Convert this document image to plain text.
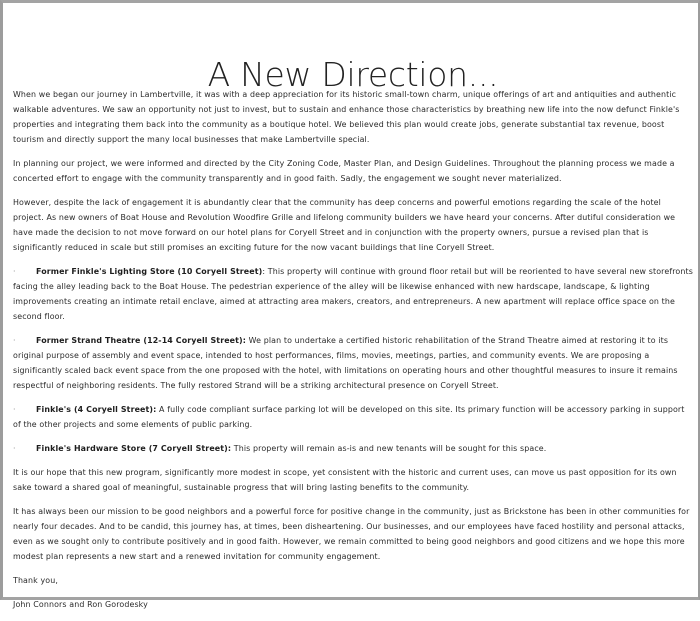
A New Direction...

When we began our journey in Lambertville, it was with a deep appreciation for its historic small-town charm, unique offerings of art and antiquities and authentic walkable adventures. We saw an opportunity not just to invest, but to sustain and enhance those characteristics by breathing new life into the now defunct Finkle's properties and integrating them back into the community as a boutique hotel. We believed this plan would create jobs, generate substantial tax revenue, boost tourism and directly support the many local businesses that make Lambertville special.

In planning our project, we were informed and directed by the City Zoning Code, Master Plan, and Design Guidelines. Throughout the planning process we made a concerted effort to engage with the community transparently and in good faith. Sadly, the engagement we sought never materialized.

However, despite the lack of engagement it is abundantly clear that the community has deep concerns and powerful emotions regarding the scale of the hotel project. As new owners of Boat House and Revolution Woodfire Grille and lifelong community builders we have heard your concerns. After dutiful consideration we have made the decision to not move forward on our hotel plans for Coryell Street and in conjunction with the property owners, pursue a revised plan that is significantly reduced in scale but still promises an exciting future for the now vacant buildings that line Coryell Street.

·	Former Finkle's Lighting Store (10 Coryell Street): This property will continue with ground floor retail but will be reoriented to have several new storefronts facing the alley leading back to the Boat House. The pedestrian experience of the alley will be likewise enhanced with new hardscape, landscape, & lighting improvements creating an intimate retail enclave, aimed at attracting area makers, creators, and entrepreneurs. A new apartment will replace office space on the second floor.

·	Former Strand Theatre (12-14 Coryell Street): We plan to undertake a certified historic rehabilitation of the Strand Theatre aimed at restoring it to its original purpose of assembly and event space, intended to host performances, films, movies, meetings, parties, and community events. We are proposing a significantly scaled back event space from the one proposed with the hotel, with limitations on operating hours and other thoughtful measures to insure it remains respectful of neighboring residents. The fully restored Strand will be a striking architectural presence on Coryell Street.

·	Finkle's (4 Coryell Street): A fully code compliant surface parking lot will be developed on this site. Its primary function will be accessory parking in support of the other projects and some elements of public parking.

·	Finkle's Hardware Store (7 Coryell Street): This property will remain as-is and new tenants will be sought for this space.

It is our hope that this new program, significantly more modest in scope, yet consistent with the historic and current uses, can move us past opposition for its own sake toward a shared goal of meaningful, sustainable progress that will bring lasting benefits to the community.

It has always been our mission to be good neighbors and a powerful force for positive change in the community, just as Brickstone has been in other communities for nearly four decades. And to be candid, this journey has, at times, been disheartening. Our businesses, and our employees have faced hostility and personal attacks, even as we sought only to contribute positively and in good faith. However, we remain committed to being good neighbors and good citizens and we hope this more modest plan represents a new start and a renewed invitation for community engagement.

Thank you,

John Connors and Ron Gorodesky
